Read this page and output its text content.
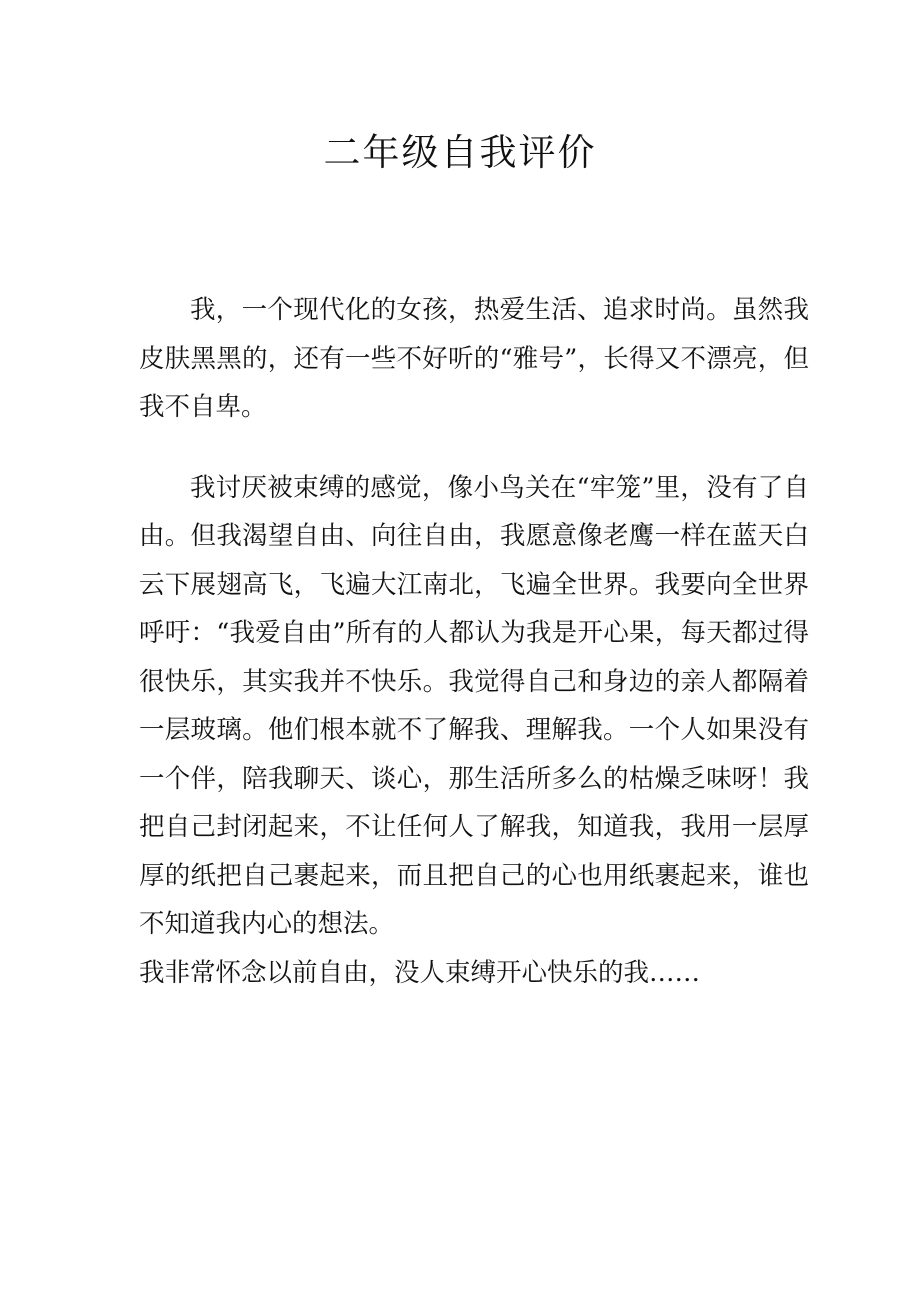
二年级自我评价

我，一个现代化的女孩，热爱生活、追求时尚。虽然我皮肤黑黑的，还有一些不好听的“雅号”，长得又不漂亮，但我不自卑。

我讨厌被束缚的感觉，像小鸟关在“牢笼”里，没有了自由。但我渴望自由、向往自由，我愿意像老鹰一样在蓝天白云下展翅高飞，飞遍大江南北，飞遍全世界。我要向全世界呼吁：“我爱自由”所有的人都认为我是开心果，每天都过得很快乐，其实我并不快乐。我觉得自己和身边的亲人都隔着一层玻璃。他们根本就不了解我、理解我。一个人如果没有一个伴，陪我聊天、谈心，那生活所多么的枯燥乏味呀！我把自己封闭起来，不让任何人了解我，知道我，我用一层厚厚的纸把自己裹起来，而且把自己的心也用纸裹起来，谁也不知道我内心的想法。

我非常怀念以前自由，没人束缚开心快乐的我……
